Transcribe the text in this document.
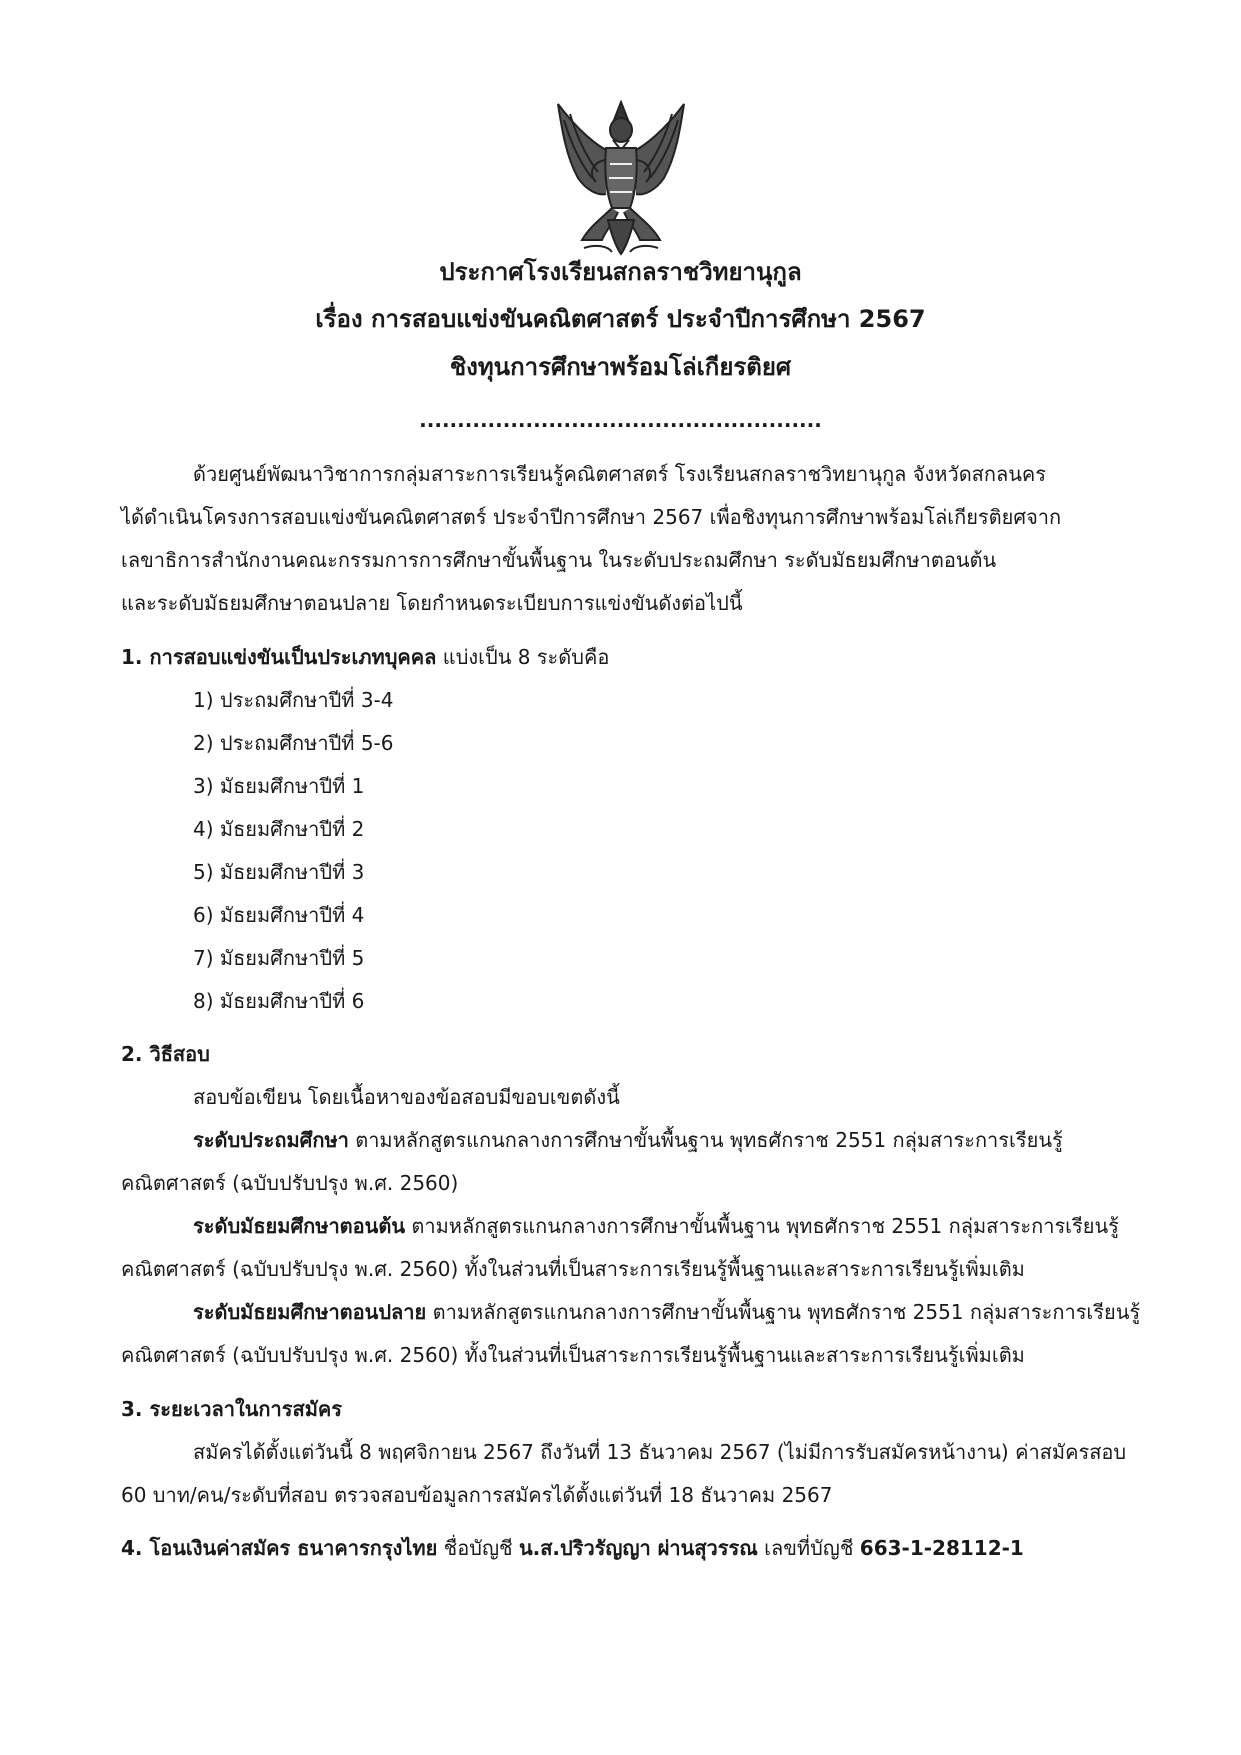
ประกาศโรงเรียนสกลราชวิทยานุกูล
เรื่อง การสอบแข่งขันคณิตศาสตร์ ประจำปีการศึกษา 2567
ชิงทุนการศึกษาพร้อมโล่เกียรติยศ
.....................................................
ด้วยศูนย์พัฒนาวิชาการกลุ่มสาระการเรียนรู้คณิตศาสตร์ โรงเรียนสกลราชวิทยานุกูล จังหวัดสกลนคร
ได้ดำเนินโครงการสอบแข่งขันคณิตศาสตร์ ประจำปีการศึกษา 2567 เพื่อชิงทุนการศึกษาพร้อมโล่เกียรติยศจาก
เลขาธิการสำนักงานคณะกรรมการการศึกษาขั้นพื้นฐาน ในระดับประถมศึกษา ระดับมัธยมศึกษาตอนต้น
และระดับมัธยมศึกษาตอนปลาย โดยกำหนดระเบียบการแข่งขันดังต่อไปนี้
1. การสอบแข่งขันเป็นประเภทบุคคล แบ่งเป็น 8 ระดับคือ
1) ประถมศึกษาปีที่ 3-4
2) ประถมศึกษาปีที่ 5-6
3) มัธยมศึกษาปีที่ 1
4) มัธยมศึกษาปีที่ 2
5) มัธยมศึกษาปีที่ 3
6) มัธยมศึกษาปีที่ 4
7) มัธยมศึกษาปีที่ 5
8) มัธยมศึกษาปีที่ 6
2. วิธีสอบ
สอบข้อเขียน โดยเนื้อหาของข้อสอบมีขอบเขตดังนี้
ระดับประถมศึกษา ตามหลักสูตรแกนกลางการศึกษาขั้นพื้นฐาน พุทธศักราช 2551 กลุ่มสาระการเรียนรู้
คณิตศาสตร์ (ฉบับปรับปรุง พ.ศ. 2560)
ระดับมัธยมศึกษาตอนต้น ตามหลักสูตรแกนกลางการศึกษาขั้นพื้นฐาน พุทธศักราช 2551 กลุ่มสาระการเรียนรู้
คณิตศาสตร์ (ฉบับปรับปรุง พ.ศ. 2560) ทั้งในส่วนที่เป็นสาระการเรียนรู้พื้นฐานและสาระการเรียนรู้เพิ่มเติม
ระดับมัธยมศึกษาตอนปลาย ตามหลักสูตรแกนกลางการศึกษาขั้นพื้นฐาน พุทธศักราช 2551 กลุ่มสาระการเรียนรู้
คณิตศาสตร์ (ฉบับปรับปรุง พ.ศ. 2560) ทั้งในส่วนที่เป็นสาระการเรียนรู้พื้นฐานและสาระการเรียนรู้เพิ่มเติม
3. ระยะเวลาในการสมัคร
สมัครได้ตั้งแต่วันนี้ 8 พฤศจิกายน 2567 ถึงวันที่ 13 ธันวาคม 2567 (ไม่มีการรับสมัครหน้างาน) ค่าสมัครสอบ
60 บาท/คน/ระดับที่สอบ ตรวจสอบข้อมูลการสมัครได้ตั้งแต่วันที่ 18 ธันวาคม 2567
4. โอนเงินค่าสมัคร ธนาคารกรุงไทย ชื่อบัญชี น.ส.ปริวรัญญา ผ่านสุวรรณ เลขที่บัญชี 663-1-28112-1
